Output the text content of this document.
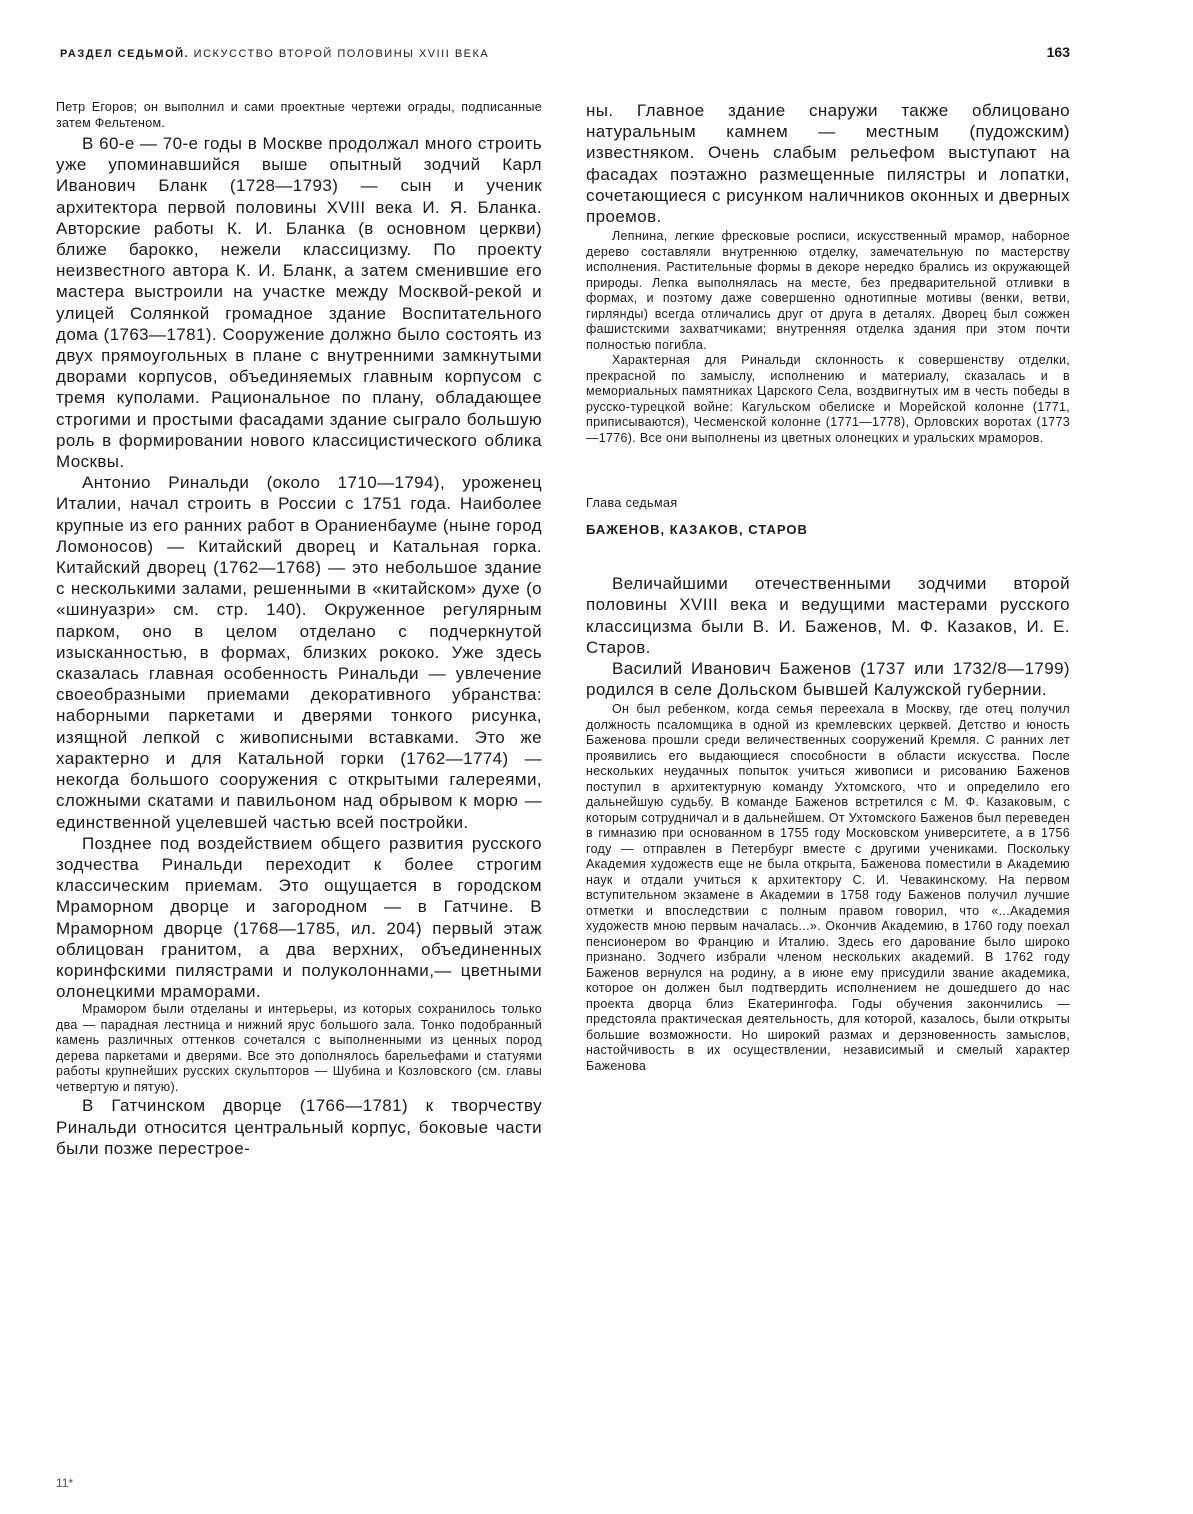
РАЗДЕЛ СЕДЬМОЙ. ИСКУССТВО ВТОРОЙ ПОЛОВИНЫ XVIII ВЕКА	163

Петр Егоров; он выполнил и сами проектные чертежи ограды, подписанные затем Фельтеном.

В 60-е — 70-е годы в Москве продолжал много строить уже упоминавшийся выше опытный зодчий Карл Иванович Бланк (1728—1793) — сын и ученик архитектора первой половины XVIII века И. Я. Бланка. Авторские работы К. И. Бланка (в основном церкви) ближе барокко, нежели классицизму. По проекту неизвестного автора К. И. Бланк, а затем сменившие его мастера выстроили на участке между Москвой-рекой и улицей Солянкой громадное здание Воспитательного дома (1763—1781). Сооружение должно было состоять из двух прямоугольных в плане с внутренними замкнутыми дворами корпусов, объединяемых главным корпусом с тремя куполами. Рациональное по плану, обладающее строгими и простыми фасадами здание сыграло большую роль в формировании нового классицистического облика Москвы.

Антонио Ринальди (около 1710—1794), уроженец Италии, начал строить в России с 1751 года. Наиболее крупные из его ранних работ в Ораниенбауме (ныне город Ломоносов) — Китайский дворец и Катальная горка. Китайский дворец (1762—1768) — это небольшое здание с несколькими залами, решенными в «китайском» духе (о «шинуазри» см. стр. 140). Окруженное регулярным парком, оно в целом отделано с подчеркнутой изысканностью, в формах, близких рококо. Уже здесь сказалась главная особенность Ринальди — увлечение своеобразными приемами декоративного убранства: наборными паркетами и дверями тонкого рисунка, изящной лепкой с живописными вставками. Это же характерно и для Катальной горки (1762—1774) — некогда большого сооружения с открытыми галереями, сложными скатами и павильоном над обрывом к морю — единственной уцелевшей частью всей постройки.

Позднее под воздействием общего развития русского зодчества Ринальди переходит к более строгим классическим приемам. Это ощущается в городском Мраморном дворце и загородном — в Гатчине. В Мраморном дворце (1768—1785, ил. 204) первый этаж облицован гранитом, а два верхних, объединенных коринфскими пилястрами и полуколоннами,— цветными олонецкими мраморами.

Мрамором были отделаны и интерьеры, из которых сохранилось только два — парадная лестница и нижний ярус большого зала. Тонко подобранный камень различных оттенков сочетался с выполненными из ценных пород дерева паркетами и дверями. Все это дополнялось барельефами и статуями работы крупнейших русских скульпторов — Шубина и Козловского (см. главы четвертую и пятую).

В Гатчинском дворце (1766—1781) к творчеству Ринальди относится центральный корпус, боковые части были позже перестрое-

ны. Главное здание снаружи также облицовано натуральным камнем — местным (пудожским) известняком. Очень слабым рельефом выступают на фасадах поэтажно размещенные пилястры и лопатки, сочетающиеся с рисунком наличников оконных и дверных проемов.

Лепнина, легкие фресковые росписи, искусственный мрамор, наборное дерево составляли внутреннюю отделку, замечательную по мастерству исполнения. Растительные формы в декоре нередко брались из окружающей природы. Лепка выполнялась на месте, без предварительной отливки в формах, и поэтому даже совершенно однотипные мотивы (венки, ветви, гирлянды) всегда отличались друг от друга в деталях. Дворец был сожжен фашистскими захватчиками; внутренняя отделка здания при этом почти полностью погибла.

Характерная для Ринальди склонность к совершенству отделки, прекрасной по замыслу, исполнению и материалу, сказалась и в мемориальных памятниках Царского Села, воздвигнутых им в честь победы в русско-турецкой войне: Кагульском обелиске и Морейской колонне (1771, приписываются), Чесменской колонне (1771—1778), Орловских воротах (1773—1776). Все они выполнены из цветных олонецких и уральских мраморов.

Глава седьмая

БАЖЕНОВ, КАЗАКОВ, СТАРОВ

Величайшими отечественными зодчими второй половины XVIII века и ведущими мастерами русского классицизма были В. И. Баженов, М. Ф. Казаков, И. Е. Старов.

Василий Иванович Баженов (1737 или 1732/8—1799) родился в селе Дольском бывшей Калужской губернии.

Он был ребенком, когда семья переехала в Москву, где отец получил должность псаломщика в одной из кремлевских церквей. Детство и юность Баженова прошли среди величественных сооружений Кремля. С ранних лет проявились его выдающиеся способности в области искусства. После нескольких неудачных попыток учиться живописи и рисованию Баженов поступил в архитектурную команду Ухтомского, что и определило его дальнейшую судьбу. В команде Баженов встретился с М. Ф. Казаковым, с которым сотрудничал и в дальнейшем. От Ухтомского Баженов был переведен в гимназию при основанном в 1755 году Московском университете, а в 1756 году — отправлен в Петербург вместе с другими учениками. Поскольку Академия художеств еще не была открыта, Баженова поместили в Академию наук и отдали учиться к архитектору С. И. Чевакинскому. На первом вступительном экзамене в Академии в 1758 году Баженов получил лучшие отметки и впоследствии с полным правом говорил, что «...Академия художеств мною первым началась...». Окончив Академию, в 1760 году поехал пенсионером во Францию и Италию. Здесь его дарование было широко признано. Зодчего избрали членом нескольких академий. В 1762 году Баженов вернулся на родину, а в июне ему присудили звание академика, которое он должен был подтвердить исполнением не дошедшего до нас проекта дворца близ Екатерингофа. Годы обучения закончились — предстояла практическая деятельность, для которой, казалось, были открыты большие возможности. Но широкий размах и дерзновенность замыслов, настойчивость в их осуществлении, независимый и смелый характер Баженова

11*
